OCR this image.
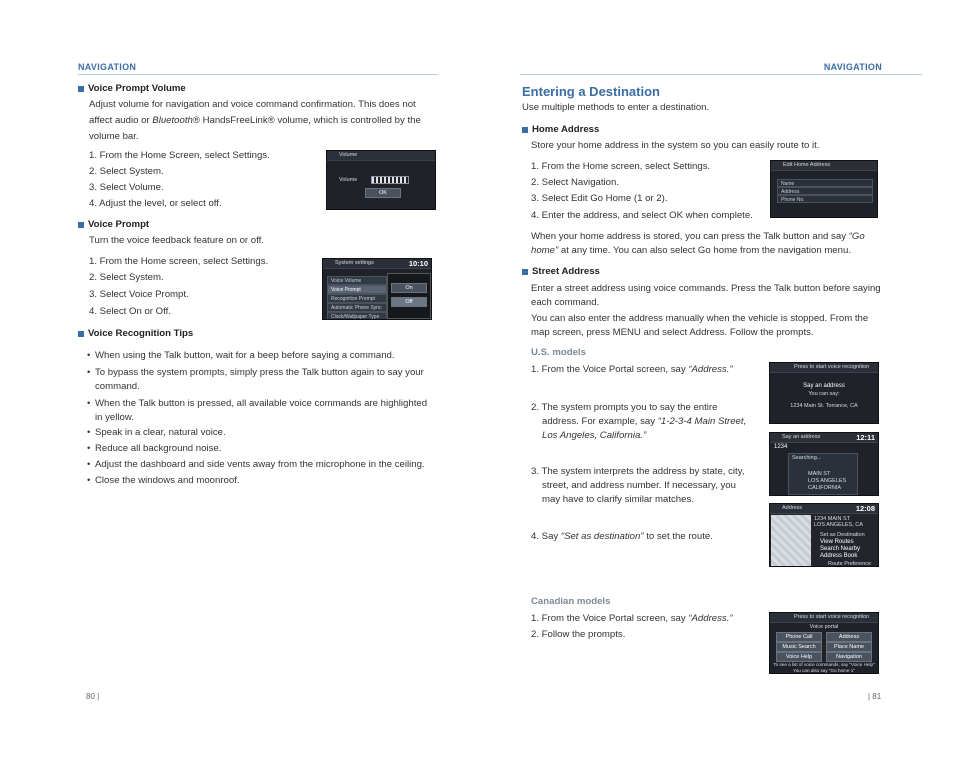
NAVIGATION
Voice Prompt Volume
Adjust volume for navigation and voice command confirmation. This does not
affect audio or Bluetooth® HandsFreeLink® volume, which is controlled by the
volume bar.
1. From the Home Screen, select Settings.
2. Select System.
3. Select Volume.
4. Adjust the level, or select off.
Volume
Volume
OK
Voice Prompt
Turn the voice feedback feature on or off.
1. From the Home screen, select Settings.
2. Select System.
3. Select Voice Prompt.
4. Select On or Off.
System settings	10:10
Voice Volume
Voice Prompt
Recognition Prompt
Automatic Phone Sync
Clock/Wallpaper Type
On
Off
Voice Recognition Tips
• When using the Talk button, wait for a beep before saying a command.
• To bypass the system prompts, simply press the Talk button again to say your
command.
• When the Talk button is pressed, all available voice commands are highlighted
in yellow.
• Speak in a clear, natural voice.
• Reduce all background noise.
• Adjust the dashboard and side vents away from the microphone in the ceiling.
• Close the windows and moonroof.
80 |
NAVIGATION
Entering a Destination
Use multiple methods to enter a destination.
Home Address
Store your home address in the system so you can easily route to it.
1. From the Home screen, select Settings.
2. Select Navigation.
3. Select Edit Go Home (1 or 2).
4. Enter the address, and select OK when complete.
Edit Home Address
Name
Address
Phone No.
When your home address is stored, you can press the Talk button and say “Go
home” at any time. You can also select Go home from the navigation menu.
Street Address
Enter a street address using voice commands. Press the Talk button before saying
each command.
You can also enter the address manually when the vehicle is stopped. From the
map screen, press MENU and select Address. Follow the prompts.
U.S. models
1. From the Voice Portal screen, say “Address.”
2. The system prompts you to say the entire
address. For example, say “1-2-3-4 Main Street,
Los Angeles, California.”
3. The system interprets the address by state, city,
street, and address number. If necessary, you
may have to clarify similar matches.
4. Say “Set as destination” to set the route.
Press to start voice recognition
Say an address
You can say:
1234 Main St. Torrance, CA
Say an address	12:11
1234
Searching...
MAIN ST
LOS ANGELES
CALIFORNIA
Address	12:08
1234 MAIN ST
LOS ANGELES, CA
Set as Destination
View Routes
Search Nearby
Address Book
Route Preference
Canadian models
1. From the Voice Portal screen, say “Address.”
2. Follow the prompts.
Press to start voice recognition
Voice portal
Phone Call	Address
Music Search	Place Name
Voice Help	Navigation
To see a list of voice commands, say "Voice Help"
You can also say "Go home 1"
| 81
